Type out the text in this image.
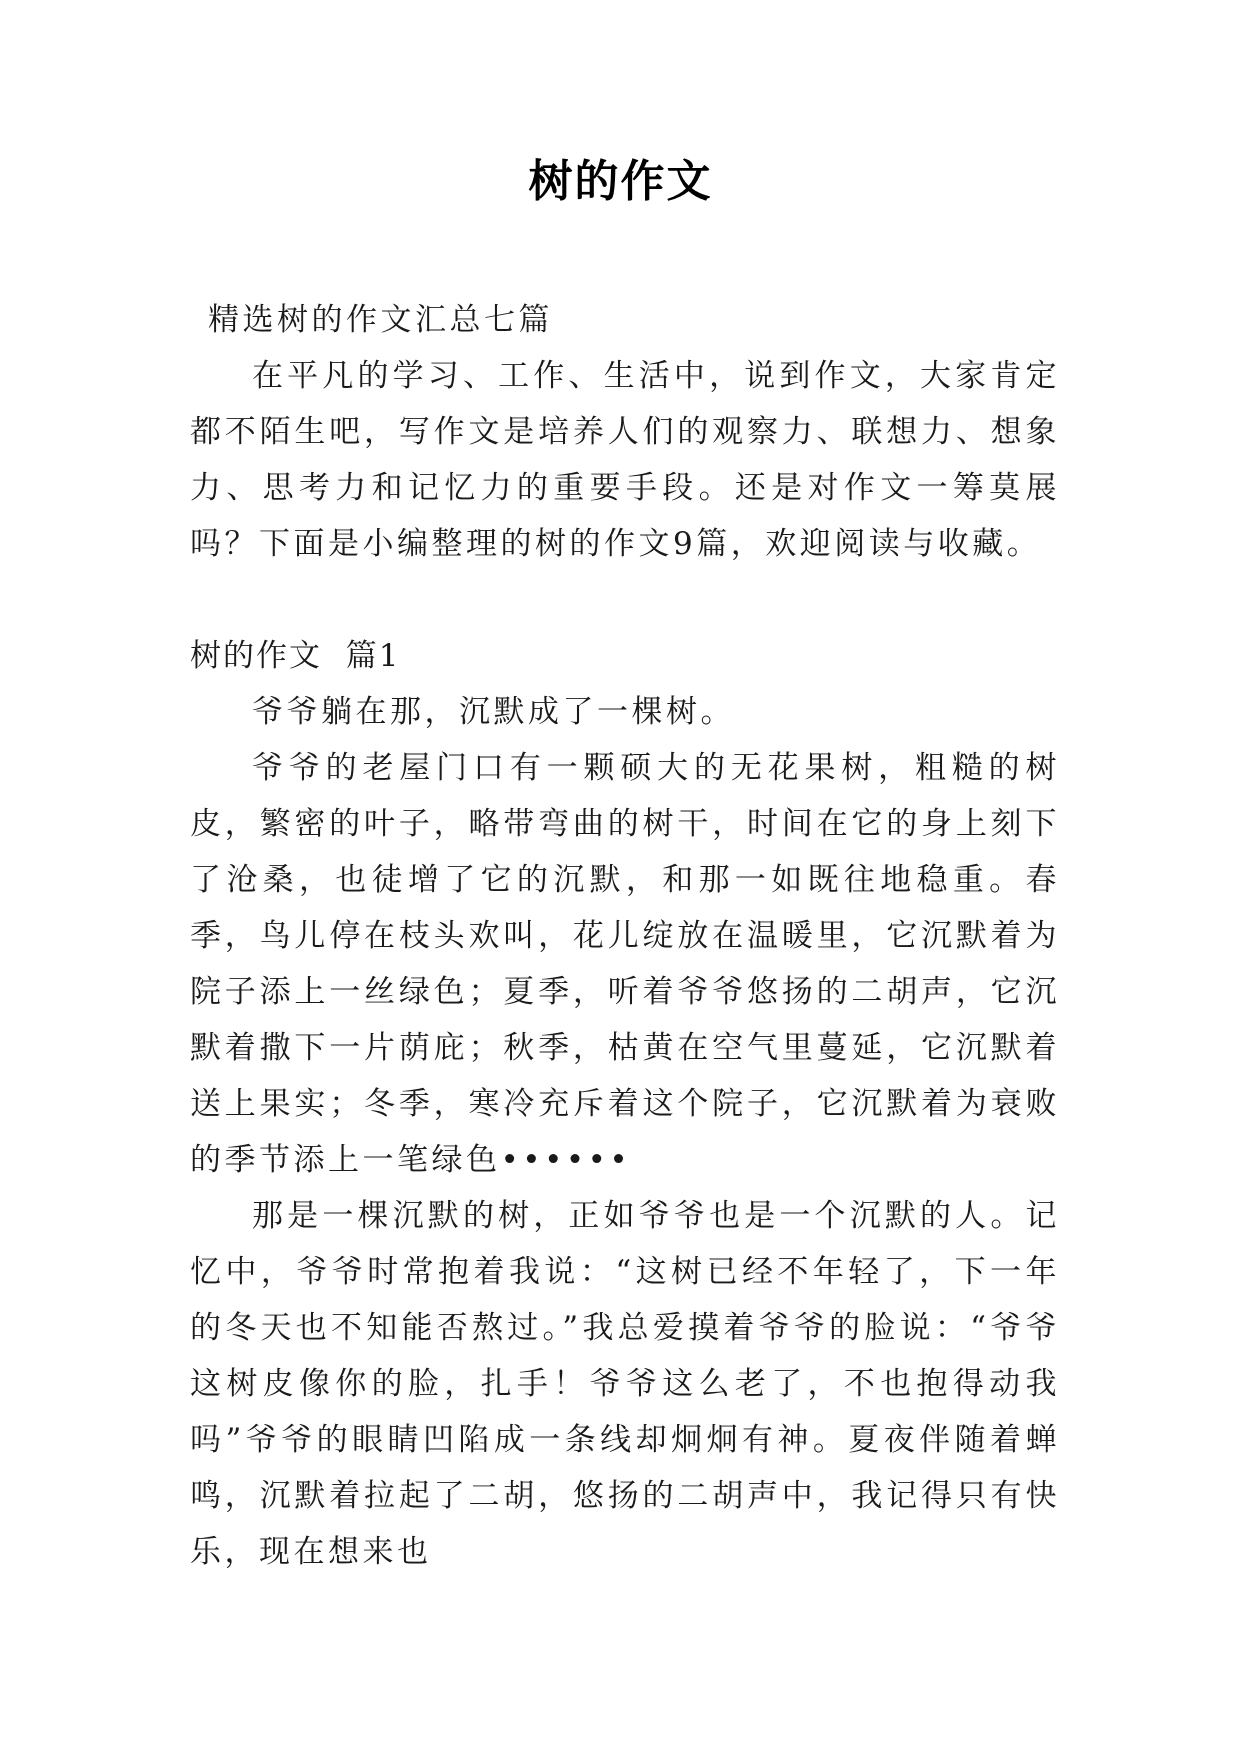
树的作文

精选树的作文汇总七篇

在平凡的学习、工作、生活中，说到作文，大家肯定都不陌生吧，写作文是培养人们的观察力、联想力、想象力、思考力和记忆力的重要手段。还是对作文一筹莫展吗？下面是小编整理的树的作文9篇，欢迎阅读与收藏。

树的作文  篇1

爷爷躺在那，沉默成了一棵树。

爷爷的老屋门口有一颗硕大的无花果树，粗糙的树皮，繁密的叶子，略带弯曲的树干，时间在它的身上刻下了沧桑，也徒增了它的沉默，和那一如既往地稳重。春季，鸟儿停在枝头欢叫，花儿绽放在温暖里，它沉默着为院子添上一丝绿色；夏季，听着爷爷悠扬的二胡声，它沉默着撒下一片荫庇；秋季，枯黄在空气里蔓延，它沉默着送上果实；冬季，寒冷充斥着这个院子，它沉默着为衰败的季节添上一笔绿色••••••

那是一棵沉默的树，正如爷爷也是一个沉默的人。记忆中，爷爷时常抱着我说：“这树已经不年轻了，下一年的冬天也不知能否熬过。”我总爱摸着爷爷的脸说：“爷爷这树皮像你的脸，扎手！爷爷这么老了，不也抱得动我吗”爷爷的眼睛凹陷成一条线却炯炯有神。夏夜伴随着蝉鸣，沉默着拉起了二胡，悠扬的二胡声中，我记得只有快乐，现在想来也
